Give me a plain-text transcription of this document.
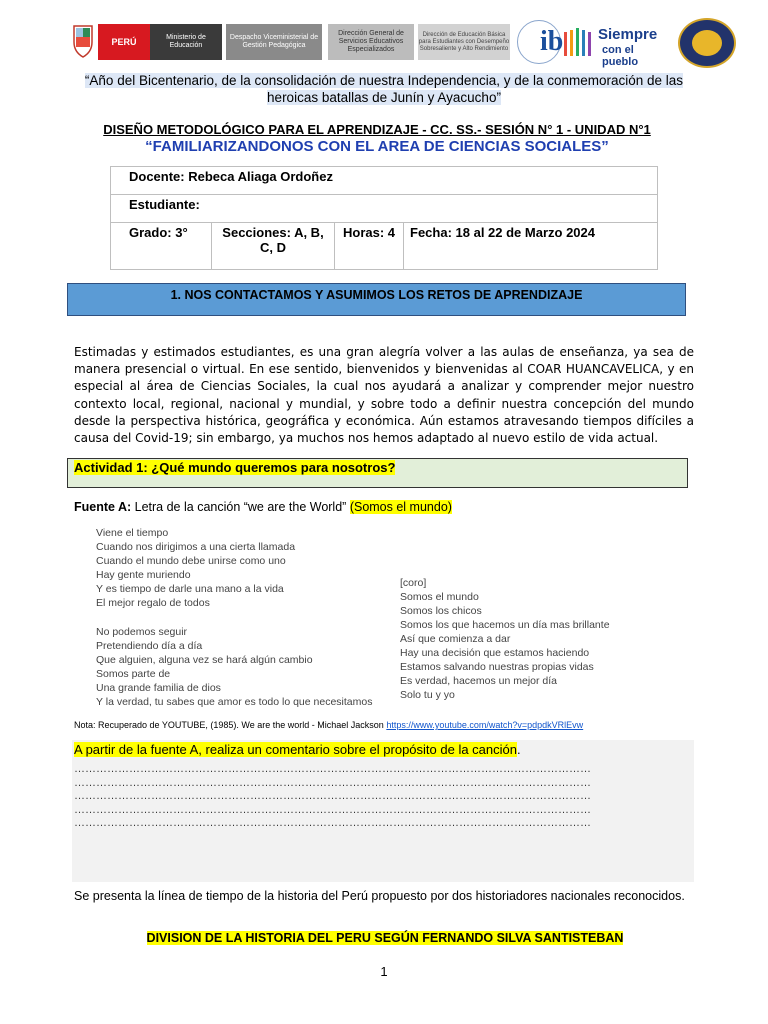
PERÚ	Ministerio de Educación
Despacho Viceministerial de Gestión Pedagógica
Dirección General de Servicios Educativos Especializados
Dirección de Educación Básica para Estudiantes con Desempeño Sobresaliente y Alto Rendimiento ib Siempre
con el pueblo
“Año del Bicentenario, de la consolidación de nuestra Independencia, y de la conmemoración de las heroicas batallas de Junín y Ayacucho”
DISEÑO METODOLÓGICO PARA EL APRENDIZAJE - CC. SS.- SESIÓN N° 1 - UNIDAD N°1
“FAMILIARIZANDONOS CON EL AREA DE CIENCIAS SOCIALES”
Docente: Rebeca Aliaga Ordoñez
Estudiante:
Grado: 3°	Secciones: A, B, C, D	Horas: 4	Fecha: 18 al 22 de Marzo 2024
1. NOS CONTACTAMOS Y ASUMIMOS LOS RETOS DE APRENDIZAJE
Estimadas y estimados estudiantes, es una gran alegría volver a las aulas de enseñanza, ya sea de manera presencial o virtual. En ese sentido, bienvenidos y bienvenidas al COAR HUANCAVELICA, y en especial al área de Ciencias Sociales, la cual nos ayudará a analizar y comprender mejor nuestro contexto local, regional, nacional y mundial, y sobre todo a definir nuestra concepción del mundo desde la perspectiva histórica, geográfica y económica. Aún estamos atravesando tiempos difíciles a causa del Covid-19; sin embargo, ya muchos nos hemos adaptado al nuevo estilo de vida actual.
Actividad 1: ¿Qué mundo queremos para nosotros?
Fuente A: Letra de la canción “we are the World” (Somos el mundo)
Viene el tiempo
Cuando nos dirigimos a una cierta llamada
Cuando el mundo debe unirse como uno
Hay gente muriendo
Y es tiempo de darle una mano a la vida
El mejor regalo de todos
No podemos seguir
Pretendiendo día a día
Que alguien, alguna vez se hará algún cambio
Somos parte de
Una grande familia de dios
Y la verdad, tu sabes que amor es todo lo que necesitamos
[coro]
Somos el mundo
Somos los chicos
Somos los que hacemos un día mas brillante
Así que comienza a dar
Hay una decisión que estamos haciendo
Estamos salvando nuestras propias vidas
Es verdad, hacemos un mejor día
Solo tu y yo
Nota: Recuperado de YOUTUBE, (1985). We are the world - Michael Jackson https://www.youtube.com/watch?v=pdpdkVRlEvw
A partir de la fuente A, realiza un comentario sobre el propósito de la canción.
……………………………………………………………………………………………………………………………
……………………………………………………………………………………………………………………………
……………………………………………………………………………………………………………………………
……………………………………………………………………………………………………………………………
……………………………………………………………………………………………………………………………
Se presenta la línea de tiempo de la historia del Perú propuesto por dos historiadores nacionales reconocidos.
DIVISION DE LA HISTORIA DEL PERU SEGÚN FERNANDO SILVA SANTISTEBAN
1
